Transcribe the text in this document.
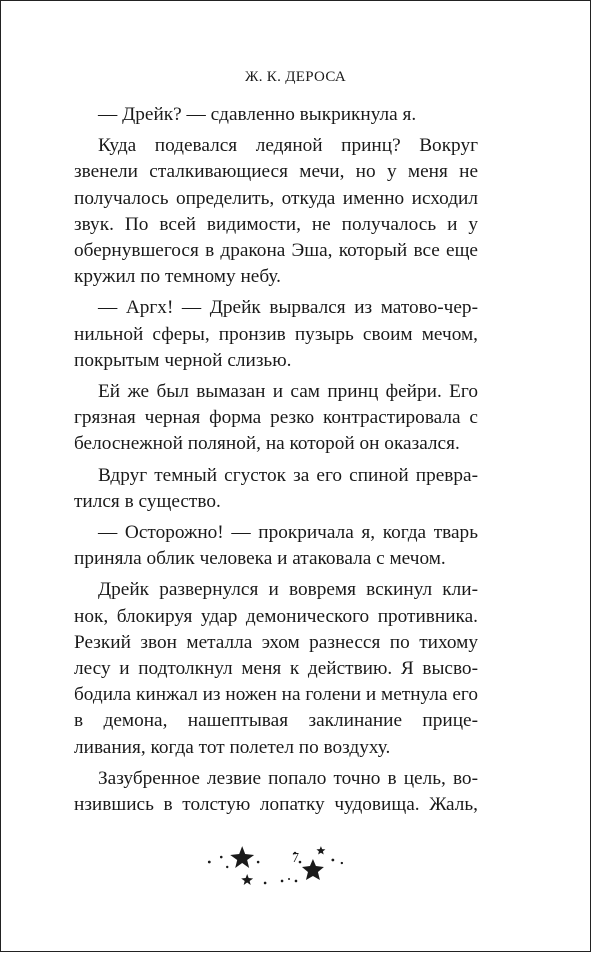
Ж. К. ДЕРОСА

— Дрейк? — сдавленно выкрикнула я.

Куда подевался ледяной принц? Вокруг звенели сталкивающиеся мечи, но у меня не получалось определить, откуда именно исходил звук. По всей видимости, не получалось и у обернувшегося в дракона Эша, который все еще кружил по темному небу.

— Аргх! — Дрейк вырвался из матово-чернильной сферы, пронзив пузырь своим мечом, покрытым черной слизью.

Ей же был вымазан и сам принц фейри. Его грязная черная форма резко контрастировала с белоснежной поляной, на которой он оказался.

Вдруг темный сгусток за его спиной превратился в существо.

— Осторожно! — прокричала я, когда тварь приняла облик человека и атаковала с мечом.

Дрейк развернулся и вовремя вскинул клинок, блокируя удар демонического противника. Резкий звон металла эхом разнесся по тихому лесу и подтолкнул меня к действию. Я высвободила кинжал из ножен на голени и метнула его в демона, нашептывая заклинание прицеливания, когда тот полетел по воздуху.

Зазубренное лезвие попало точно в цель, вонзившись в толстую лопатку чудовища. Жаль,

7
